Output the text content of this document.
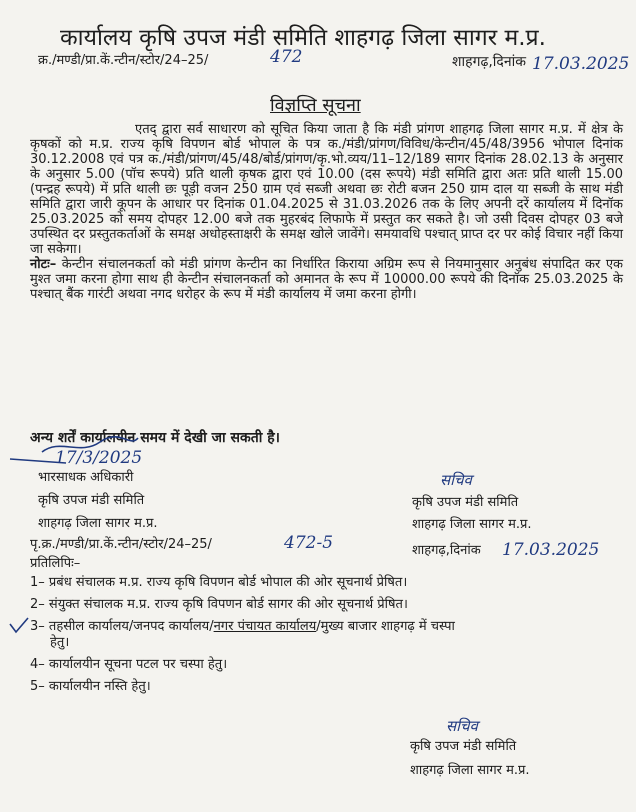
कार्यालय कृषि उपज मंडी समिति शाहगढ़ जिला सागर म.प्र.
क्र./मण्डी/प्रा.कें.न्टीन/स्टोर/24–25/	472	शाहगढ़,दिनांक 17.03.2025
विज्ञप्ति सूचना

एतद् द्वारा सर्व साधारण को सूचित किया जाता है कि मंडी प्रांगण शाहगढ़ जिला सागर म.प्र. में क्षेत्र के कृषकों को म.प्र. राज्य कृषि विपणन बोर्ड भोपाल के पत्र क./मंडी/प्रांगण/विविध/केन्टीन/45/48/3956 भोपाल दिनांक 30.12.2008 एवं पत्र क./मंडी/प्रांगण/45/48/बोर्ड/प्रांगण/कृ.भो.व्यय/11–12/189 सागर दिनांक 28.02.13 के अनुसार के अनुसार 5.00 (पॉच रूपये) प्रति थाली कृषक द्वारा एवं 10.00 (दस रूपये) मंडी समिति द्वारा अतः प्रति थाली 15.00 (पन्द्रह रूपये) में प्रति थाली छः पूड़ी वजन 250 ग्राम एवं सब्जी अथवा छः रोटी बजन 250 ग्राम दाल या सब्जी के साथ मंडी समिति द्वारा जारी कूपन के आधार पर दिनांक 01.04.2025 से 31.03.2026 तक के लिए अपनी दरें कार्यालय में दिनॉक 25.03.2025 को समय दोपहर 12.00 बजे तक मुहरबंद लिफाफे में प्रस्तुत कर सकते है। जो उसी दिवस दोपहर 03 बजे उपस्थित दर प्रस्तुतकर्ताओं के समक्ष अधोहस्ताक्षरी के समक्ष खोले जावेंगे। समयावधि पश्चात् प्राप्त दर पर कोई विचार नहीं किया जा सकेगा।

नोटः– केन्टीन संचालनकर्ता को मंडी प्रांगण केन्टीन का निर्धारित किराया अग्रिम रूप से नियमानुसार अनुबंध संपादित कर एक मुश्त जमा करना होगा साथ ही केन्टीन संचालनकर्ता को अमानत के रूप में 10000.00 रूपये की दिनॉक 25.03.2025 के पश्चात् बैंक गारंटी अथवा नगद धरोहर के रूप में मंडी कार्यालय में जमा करना होगी।

अन्य शर्तें कार्यालयीन समय में देखी जा सकती है।
17/3/2025
भारसाधक अधिकारी
कृषि उपज मंडी समिति
शाहगढ़ जिला सागर म.प्र.
सचिव
कृषि उपज मंडी समिति
शाहगढ़ जिला सागर म.प्र.
पृ.क्र./मण्डी/प्रा.कें.न्टीन/स्टोर/24–25/	472-5	शाहगढ़,दिनांक 17.03.2025
प्रतिलिपिः–
1– प्रबंध संचालक म.प्र. राज्य कृषि विपणन बोर्ड भोपाल की ओर सूचनार्थ प्रेषित।
2– संयुक्त संचालक म.प्र. राज्य कृषि विपणन बोर्ड सागर की ओर सूचनार्थ प्रेषित।
3– तहसील कार्यालय/जनपद कार्यालय/नगर पंचायत कार्यालय/मुख्य बाजार शाहगढ़ में चस्पा
हेतु।
4– कार्यालयीन सूचना पटल पर चस्पा हेतु।
5– कार्यालयीन नस्ति हेतु।
सचिव
कृषि उपज मंडी समिति
शाहगढ़ जिला सागर म.प्र.
